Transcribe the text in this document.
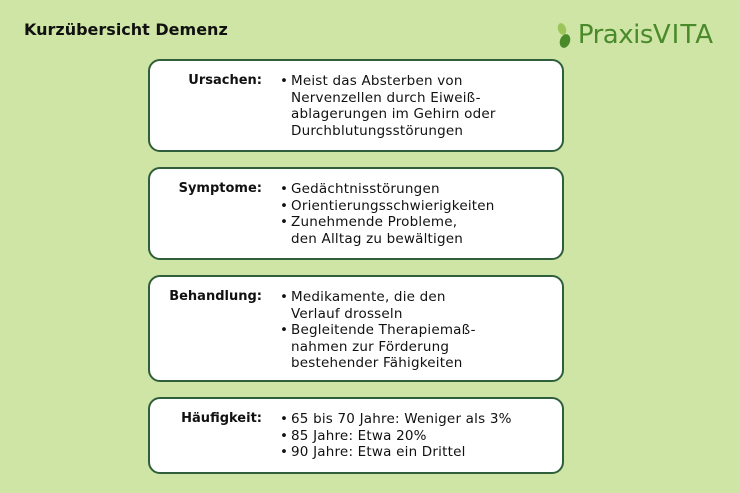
Kurzübersicht Demenz	PraxisVITA
Ursachen:	• Meist das Absterben von
Nervenzellen durch Eiweiß-
ablagerungen im Gehirn oder
Durchblutungsstörungen
Symptome:	• Gedächtnisstörungen
• Orientierungsschwierigkeiten
• Zunehmende Probleme,
den Alltag zu bewältigen
Behandlung:	• Medikamente, die den
Verlauf drosseln
• Begleitende Therapiemaß-
nahmen zur Förderung
bestehender Fähigkeiten
Häufigkeit:	• 65 bis 70 Jahre: Weniger als 3%
• 85 Jahre: Etwa 20%
• 90 Jahre: Etwa ein Drittel
